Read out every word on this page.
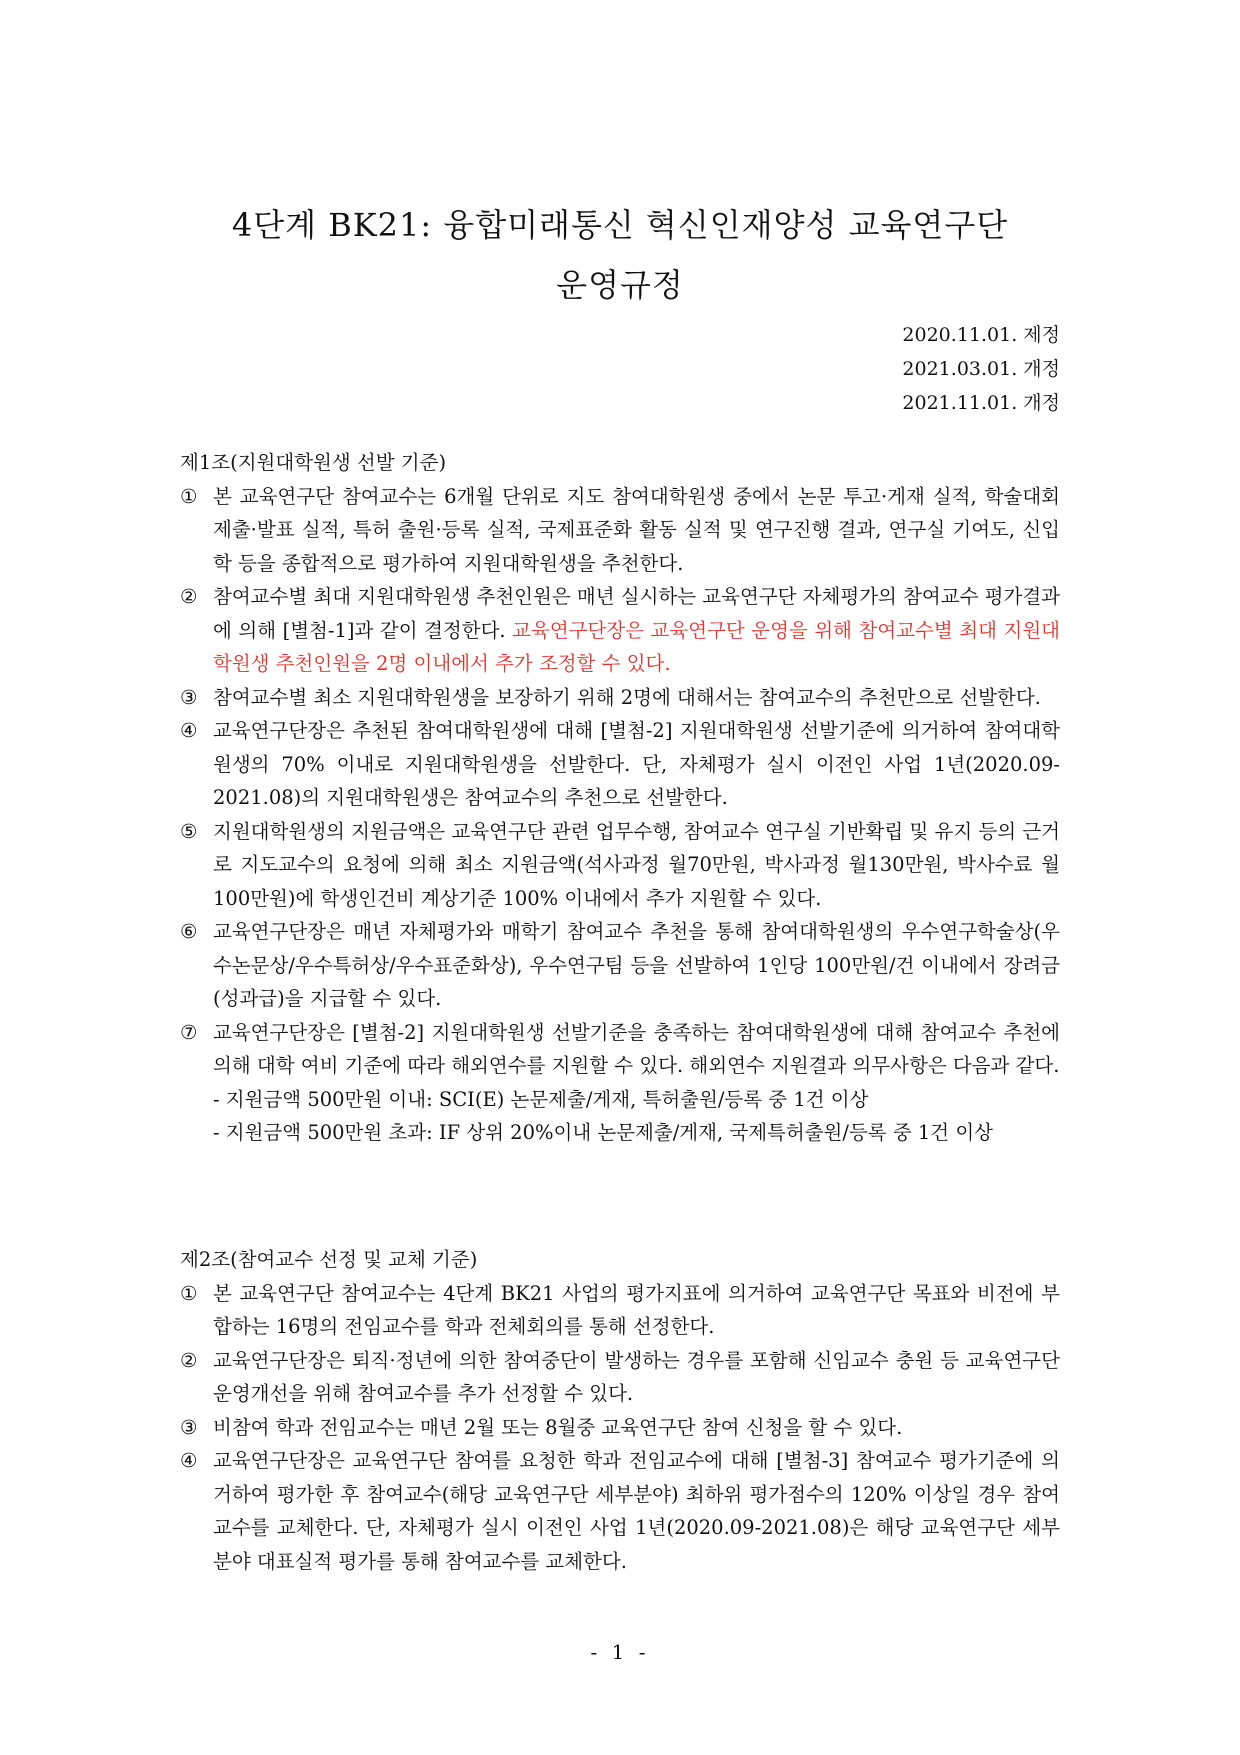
4단계 BK21: 융합미래통신 혁신인재양성 교육연구단
운영규정
2020.11.01. 제정
2021.03.01. 개정
2021.11.01. 개정
제1조(지원대학원생 선발 기준)
① 본 교육연구단 참여교수는 6개월 단위로 지도 참여대학원생 중에서 논문 투고·게재 실적, 학술대회 제출·발표 실적, 특허 출원·등록 실적, 국제표준화 활동 실적 및 연구진행 결과, 연구실 기여도, 신입학 등을 종합적으로 평가하여 지원대학원생을 추천한다.
② 참여교수별 최대 지원대학원생 추천인원은 매년 실시하는 교육연구단 자체평가의 참여교수 평가결과에 의해 [별첨-1]과 같이 결정한다. 교육연구단장은 교육연구단 운영을 위해 참여교수별 최대 지원대학원생 추천인원을 2명 이내에서 추가 조정할 수 있다.
③ 참여교수별 최소 지원대학원생을 보장하기 위해 2명에 대해서는 참여교수의 추천만으로 선발한다.
④ 교육연구단장은 추천된 참여대학원생에 대해 [별첨-2] 지원대학원생 선발기준에 의거하여 참여대학원생의 70% 이내로 지원대학원생을 선발한다. 단, 자체평가 실시 이전인 사업 1년(2020.09-2021.08)의 지원대학원생은 참여교수의 추천으로 선발한다.
⑤ 지원대학원생의 지원금액은 교육연구단 관련 업무수행, 참여교수 연구실 기반확립 및 유지 등의 근거로 지도교수의 요청에 의해 최소 지원금액(석사과정 월70만원, 박사과정 월130만원, 박사수료 월100만원)에 학생인건비 계상기준 100% 이내에서 추가 지원할 수 있다.
⑥ 교육연구단장은 매년 자체평가와 매학기 참여교수 추천을 통해 참여대학원생의 우수연구학술상(우수논문상/우수특허상/우수표준화상), 우수연구팀 등을 선발하여 1인당 100만원/건 이내에서 장려금(성과급)을 지급할 수 있다.
⑦ 교육연구단장은 [별첨-2] 지원대학원생 선발기준을 충족하는 참여대학원생에 대해 참여교수 추천에 의해 대학 여비 기준에 따라 해외연수를 지원할 수 있다. 해외연수 지원결과 의무사항은 다음과 같다.
- 지원금액 500만원 이내: SCI(E) 논문제출/게재, 특허출원/등록 중 1건 이상
- 지원금액 500만원 초과: IF 상위 20%이내 논문제출/게재, 국제특허출원/등록 중 1건 이상
제2조(참여교수 선정 및 교체 기준)
① 본 교육연구단 참여교수는 4단계 BK21 사업의 평가지표에 의거하여 교육연구단 목표와 비전에 부합하는 16명의 전임교수를 학과 전체회의를 통해 선정한다.
② 교육연구단장은 퇴직·정년에 의한 참여중단이 발생하는 경우를 포함해 신임교수 충원 등 교육연구단 운영개선을 위해 참여교수를 추가 선정할 수 있다.
③ 비참여 학과 전임교수는 매년 2월 또는 8월중 교육연구단 참여 신청을 할 수 있다.
④ 교육연구단장은 교육연구단 참여를 요청한 학과 전임교수에 대해 [별첨-3] 참여교수 평가기준에 의거하여 평가한 후 참여교수(해당 교육연구단 세부분야) 최하위 평가점수의 120% 이상일 경우 참여교수를 교체한다. 단, 자체평가 실시 이전인 사업 1년(2020.09-2021.08)은 해당 교육연구단 세부분야 대표실적 평가를 통해 참여교수를 교체한다.
- 1 -
